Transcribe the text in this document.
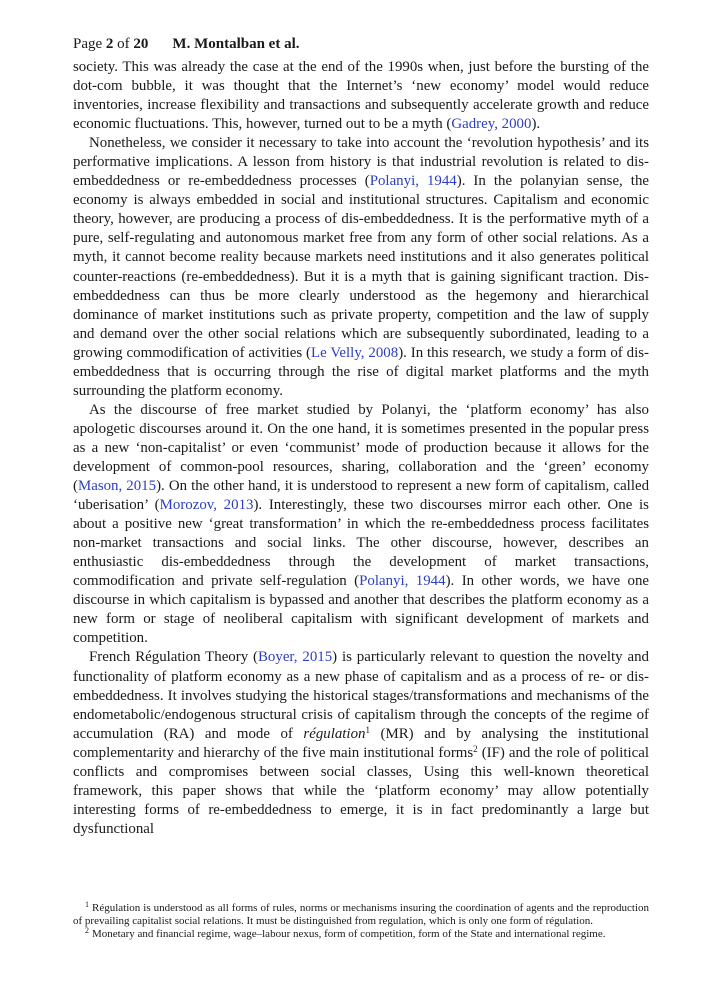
Page 2 of 20 M. Montalban et al.

society. This was already the case at the end of the 1990s when, just before the bursting of the dot-com bubble, it was thought that the Internet’s ‘new economy’ model would reduce inventories, increase flexibility and transactions and subsequently accelerate growth and reduce economic fluctuations. This, however, turned out to be a myth (Gadrey, 2000).

Nonetheless, we consider it necessary to take into account the ‘revolution hypothesis’ and its performative implications. A lesson from history is that industrial revolution is related to dis-embeddedness or re-embeddedness processes (Polanyi, 1944). In the polanyian sense, the economy is always embedded in social and institutional structures. Capitalism and economic theory, however, are producing a process of dis-embeddedness. It is the performative myth of a pure, self-regulating and autonomous market free from any form of other social relations. As a myth, it cannot become reality because markets need institutions and it also generates political counter-reactions (re-embeddedness). But it is a myth that is gaining significant traction. Disembeddedness can thus be more clearly understood as the hegemony and hierarchical dominance of market institutions such as private property, competition and the law of supply and demand over the other social relations which are subsequently subordinated, leading to a growing commodification of activities (Le Velly, 2008). In this research, we study a form of dis-embeddedness that is occurring through the rise of digital market platforms and the myth surrounding the platform economy.

As the discourse of free market studied by Polanyi, the ‘platform economy’ has also apologetic discourses around it. On the one hand, it is sometimes presented in the popular press as a new ‘non-capitalist’ or even ‘communist’ mode of production because it allows for the development of common-pool resources, sharing, collaboration and the ‘green’ economy (Mason, 2015). On the other hand, it is understood to represent a new form of capitalism, called ‘uberisation’ (Morozov, 2013). Interestingly, these two discourses mirror each other. One is about a positive new ‘great transformation’ in which the re-embeddedness process facilitates non-market transactions and social links. The other discourse, however, describes an enthusiastic dis-embeddedness through the development of market transactions, commodification and private self-regulation (Polanyi, 1944). In other words, we have one discourse in which capitalism is bypassed and another that describes the platform economy as a new form or stage of neoliberal capitalism with significant development of markets and competition.

French Régulation Theory (Boyer, 2015) is particularly relevant to question the novelty and functionality of platform economy as a new phase of capitalism and as a process of re- or dis-embeddedness. It involves studying the historical stages/transformations and mechanisms of the endometabolic/endogenous structural crisis of capitalism through the concepts of the regime of accumulation (RA) and mode of régulation$^1$ (MR) and by analysing the institutional complementarity and hierarchy of the five main institutional forms$^2$ (IF) and the role of political conflicts and compromises between social classes, Using this well-known theoretical framework, this paper shows that while the ‘platform economy’ may allow potentially interesting forms of re-embeddedness to emerge, it is in fact predominantly a large but dysfunctional

$^1$ Régulation is understood as all forms of rules, norms or mechanisms insuring the coordination of agents and the reproduction of prevailing capitalist social relations. It must be distinguished from regulation, which is only one form of régulation.

$^2$ Monetary and financial regime, wage–labour nexus, form of competition, form of the State and international regime.
